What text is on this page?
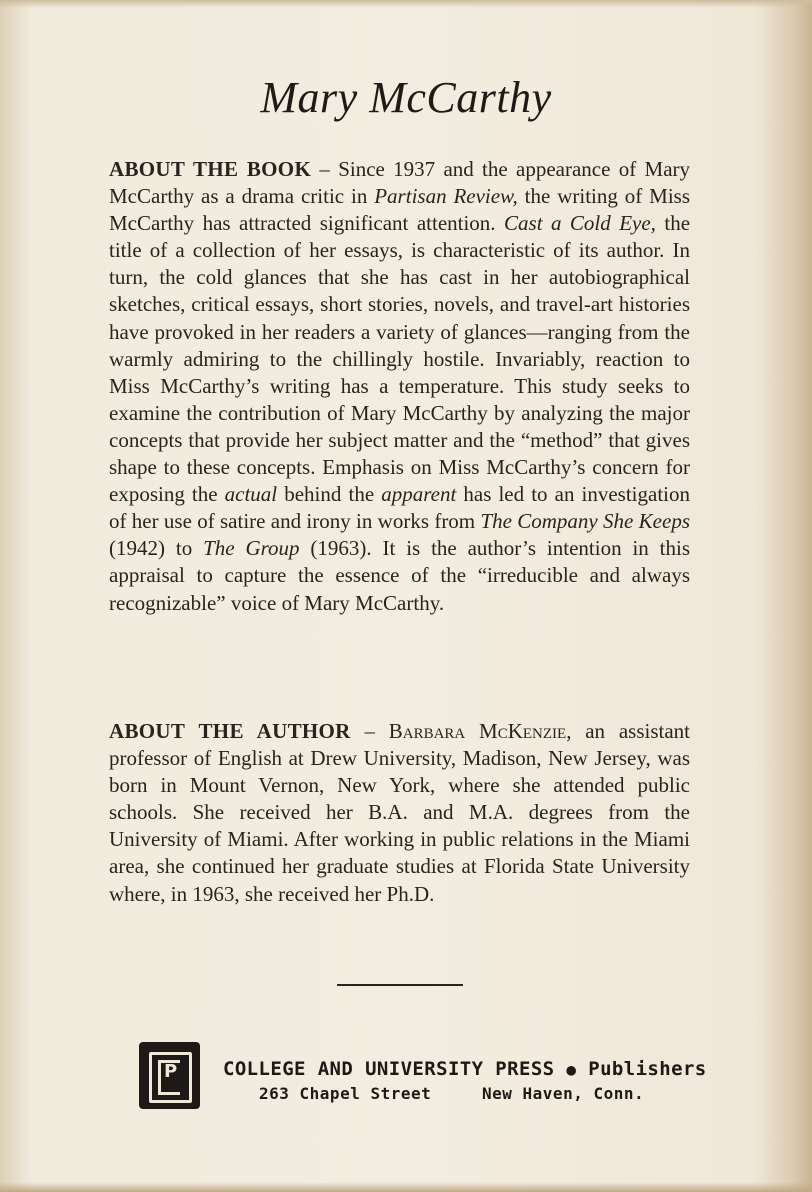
Mary McCarthy
ABOUT THE BOOK – Since 1937 and the appearance of Mary McCarthy as a drama critic in Partisan Review, the writing of Miss McCarthy has attracted significant attention. Cast a Cold Eye, the title of a collection of her essays, is characteristic of its author. In turn, the cold glances that she has cast in her autobiographical sketches, critical essays, short stories, novels, and travel-art histories have provoked in her readers a variety of glances—ranging from the warmly admiring to the chillingly hostile. Invariably, reaction to Miss McCarthy’s writing has a temperature. This study seeks to examine the contribution of Mary McCarthy by analyzing the major concepts that provide her subject matter and the “method” that gives shape to these concepts. Emphasis on Miss McCarthy’s concern for exposing the actual behind the apparent has led to an investigation of her use of satire and irony in works from The Company She Keeps (1942) to The Group (1963). It is the author’s intention in this appraisal to capture the essence of the “irreducible and always recognizable” voice of Mary McCarthy.
ABOUT THE AUTHOR – Barbara McKenzie, an assistant professor of English at Drew University, Madison, New Jersey, was born in Mount Vernon, New York, where she attended public schools. She received her B.A. and M.A. degrees from the University of Miami. After working in public relations in the Miami area, she continued her graduate studies at Florida State University where, in 1963, she received her Ph.D.
P COLLEGE AND UNIVERSITY PRESS ● Publishers
263 Chapel Street	New Haven, Conn.
